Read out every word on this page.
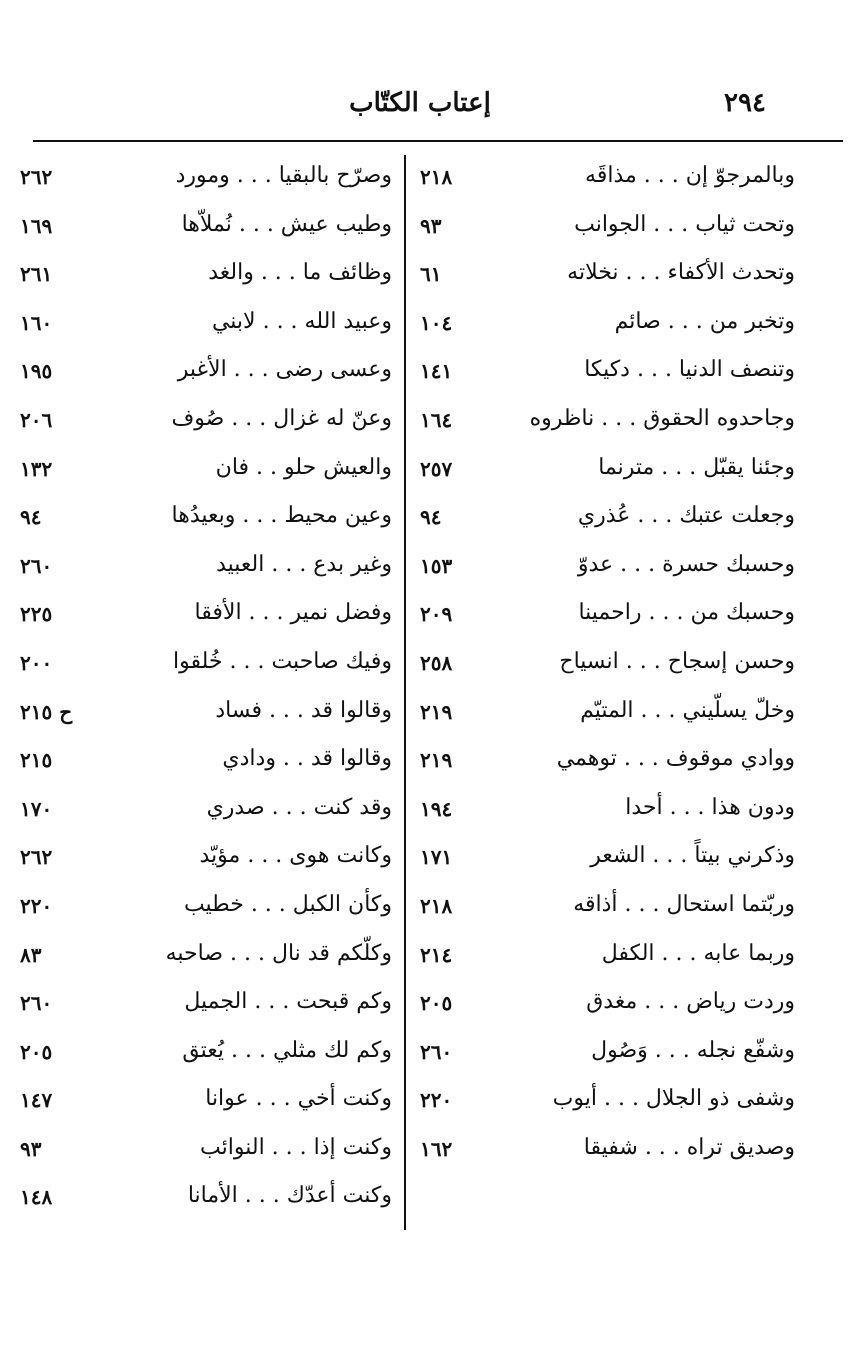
٢٩٤
إعتاب الكتّاب
وبالمرجوّ إن . . . مذاقَه
٢١٨
وتحت ثياب . . . الجوانب
٩٣
وتحدث الأكفاء . . . نخلاته
٦١
وتخبر من . . . صائم
١٠٤
وتنصف الدنيا . . . دكيكا
١٤١
وجاحدوه الحقوق . . . ناظروه
١٦٤
وجئنا يقبّل . . . مترنما
٢٥٧
وجعلت عتبك . . . عُذري
٩٤
وحسبك حسرة . . . عدوّ
١٥٣
وحسبك من . . . راحمينا
٢٠٩
وحسن إسجاح . . . انسياح
٢٥٨
وخلّ يسلّيني . . . المتيّم
٢١٩
ووادي موقوف . . . توهمي
٢١٩
ودون هذا . . . أحدا
١٩٤
وذكرني بيتاً . . . الشعر
١٧١
وربّتما استحال . . . أذاقه
٢١٨
وربما عابه . . . الكفل
٢١٤
وردت رياض . . . مغدق
٢٠٥
وشفّع نجله . . . وَصُول
٢٦٠
وشفى ذو الجلال . . . أيوب
٢٢٠
وصديق تراه . . . شفيقا
١٦٢
وصرّح بالبقيا . . . ومورد
٢٦٢
وطيب عيش . . . نُملاّها
١٦٩
وظائف ما . . . والغد
٢٦١
وعبيد الله . . . لابني
١٦٠
وعسى رضى . . . الأغبر
١٩٥
وعنّ له غزال . . . صُوف
٢٠٦
والعيش حلو . . فان
١٣٢
وعين محيط . . . وبعيدُها
٩٤
وغير بدع . . . العبيد
٢٦٠
وفضل نمير . . . الأفقا
٢٢٥
وفيك صاحبت . . . خُلقوا
٢٠٠
وقالوا قد . . . فساد
ح ٢١٥
وقالوا قد . . ودادي
٢١٥
وقد كنت . . . صدري
١٧٠
وكانت هوى . . . مؤيّد
٢٦٢
وكأن الكبل . . . خطيب
٢٢٠
وكلّكم قد نال . . . صاحبه
٨٣
وكم قبحت . . . الجميل
٢٦٠
وكم لك مثلي . . . يُعتق
٢٠٥
وكنت أخي . . . عوانا
١٤٧
وكنت إذا . . . النوائب
٩٣
وكنت أعدّك . . . الأمانا
١٤٨
